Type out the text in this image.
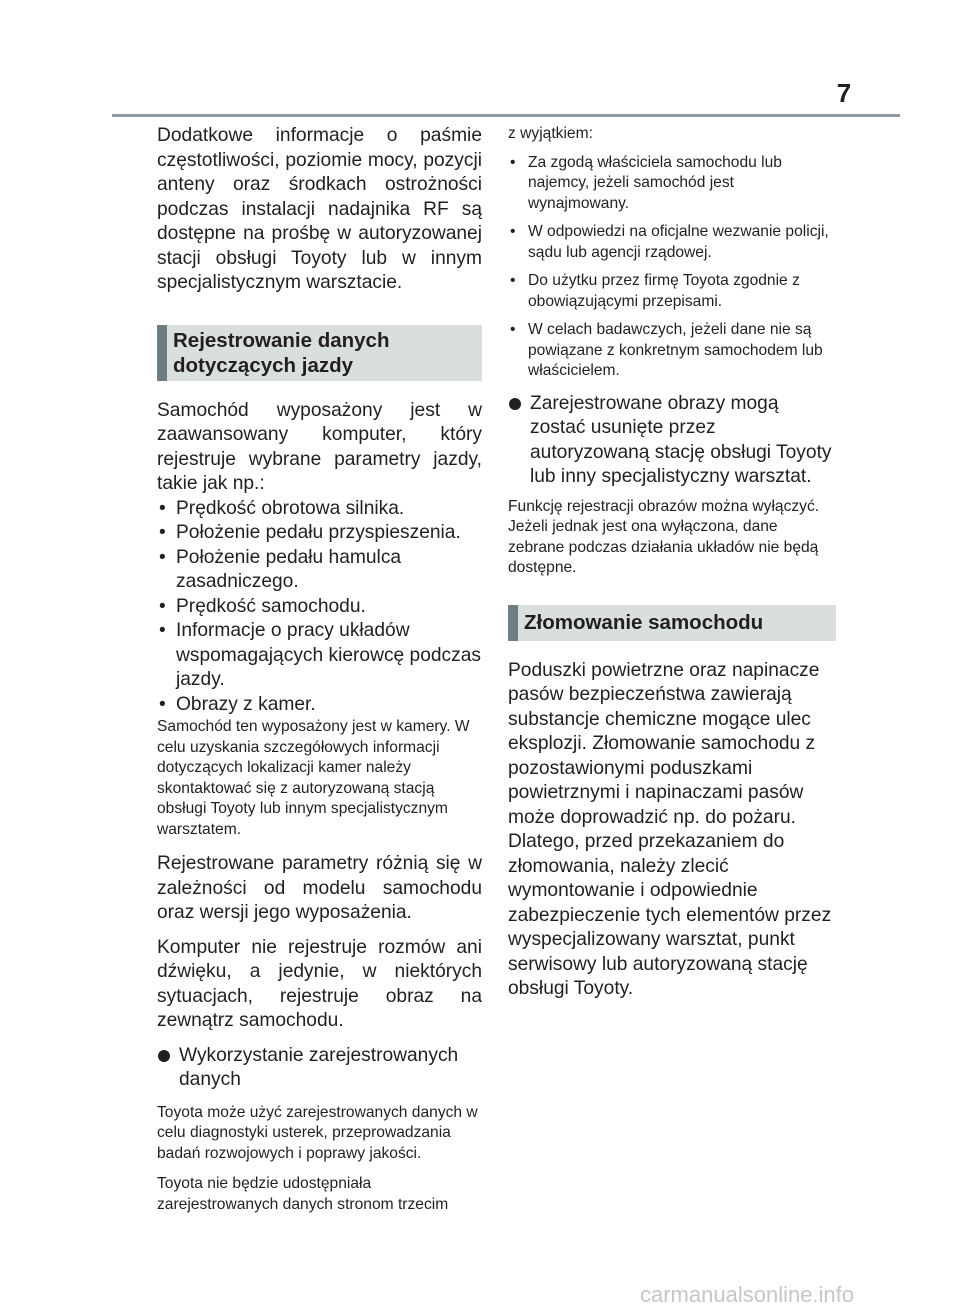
7

Dodatkowe informacje o paśmie częstotliwości, poziomie mocy, pozycji anteny oraz środkach ostrożności podczas instalacji nadajnika RF są dostępne na prośbę w autoryzowanej stacji obsługi Toyoty lub w innym specjalistycznym warsztacie.

Rejestrowanie danych dotyczących jazdy

Samochód wyposażony jest w zaawansowany komputer, który rejestruje wybrane parametry jazdy, takie jak np.:

• Prędkość obrotowa silnika.
• Położenie pedału przyspieszenia.
• Położenie pedału hamulca zasadniczego.
• Prędkość samochodu.
• Informacje o pracy układów wspomagających kierowcę podczas jazdy.
• Obrazy z kamer.

Samochód ten wyposażony jest w kamery. W celu uzyskania szczegółowych informacji dotyczących lokalizacji kamer należy skontaktować się z autoryzowaną stacją obsługi Toyoty lub innym specjalistycznym warsztatem.

Rejestrowane parametry różnią się w zależności od modelu samochodu oraz wersji jego wyposażenia.

Komputer nie rejestruje rozmów ani dźwięku, a jedynie, w niektórych sytuacjach, rejestruje obraz na zewnątrz samochodu.

Wykorzystanie zarejestrowanych danych

Toyota może użyć zarejestrowanych danych w celu diagnostyki usterek, przeprowadzania badań rozwojowych i poprawy jakości.

Toyota nie będzie udostępniała zarejestrowanych danych stronom trzecim

z wyjątkiem:

• Za zgodą właściciela samochodu lub najemcy, jeżeli samochód jest wynajmowany.
• W odpowiedzi na oficjalne wezwanie policji, sądu lub agencji rządowej.
• Do użytku przez firmę Toyota zgodnie z obowiązującymi przepisami.
• W celach badawczych, jeżeli dane nie są powiązane z konkretnym samochodem lub właścicielem.
Zarejestrowane obrazy mogą zostać usunięte przez autoryzowaną stację obsługi Toyoty lub inny specjalistyczny warsztat.

Funkcję rejestracji obrazów można wyłączyć. Jeżeli jednak jest ona wyłączona, dane zebrane podczas działania układów nie będą dostępne.

Złomowanie samochodu

Poduszki powietrzne oraz napinacze pasów bezpieczeństwa zawierają substancje chemiczne mogące ulec eksplozji. Złomowanie samochodu z pozostawionymi poduszkami powietrznymi i napinaczami pasów może doprowadzić np. do pożaru. Dlatego, przed przekazaniem do złomowania, należy zlecić wymontowanie i odpowiednie zabezpieczenie tych elementów przez wyspecjalizowany warsztat, punkt serwisowy lub autoryzowaną stację obsługi Toyoty.

carmanualsonline.info
